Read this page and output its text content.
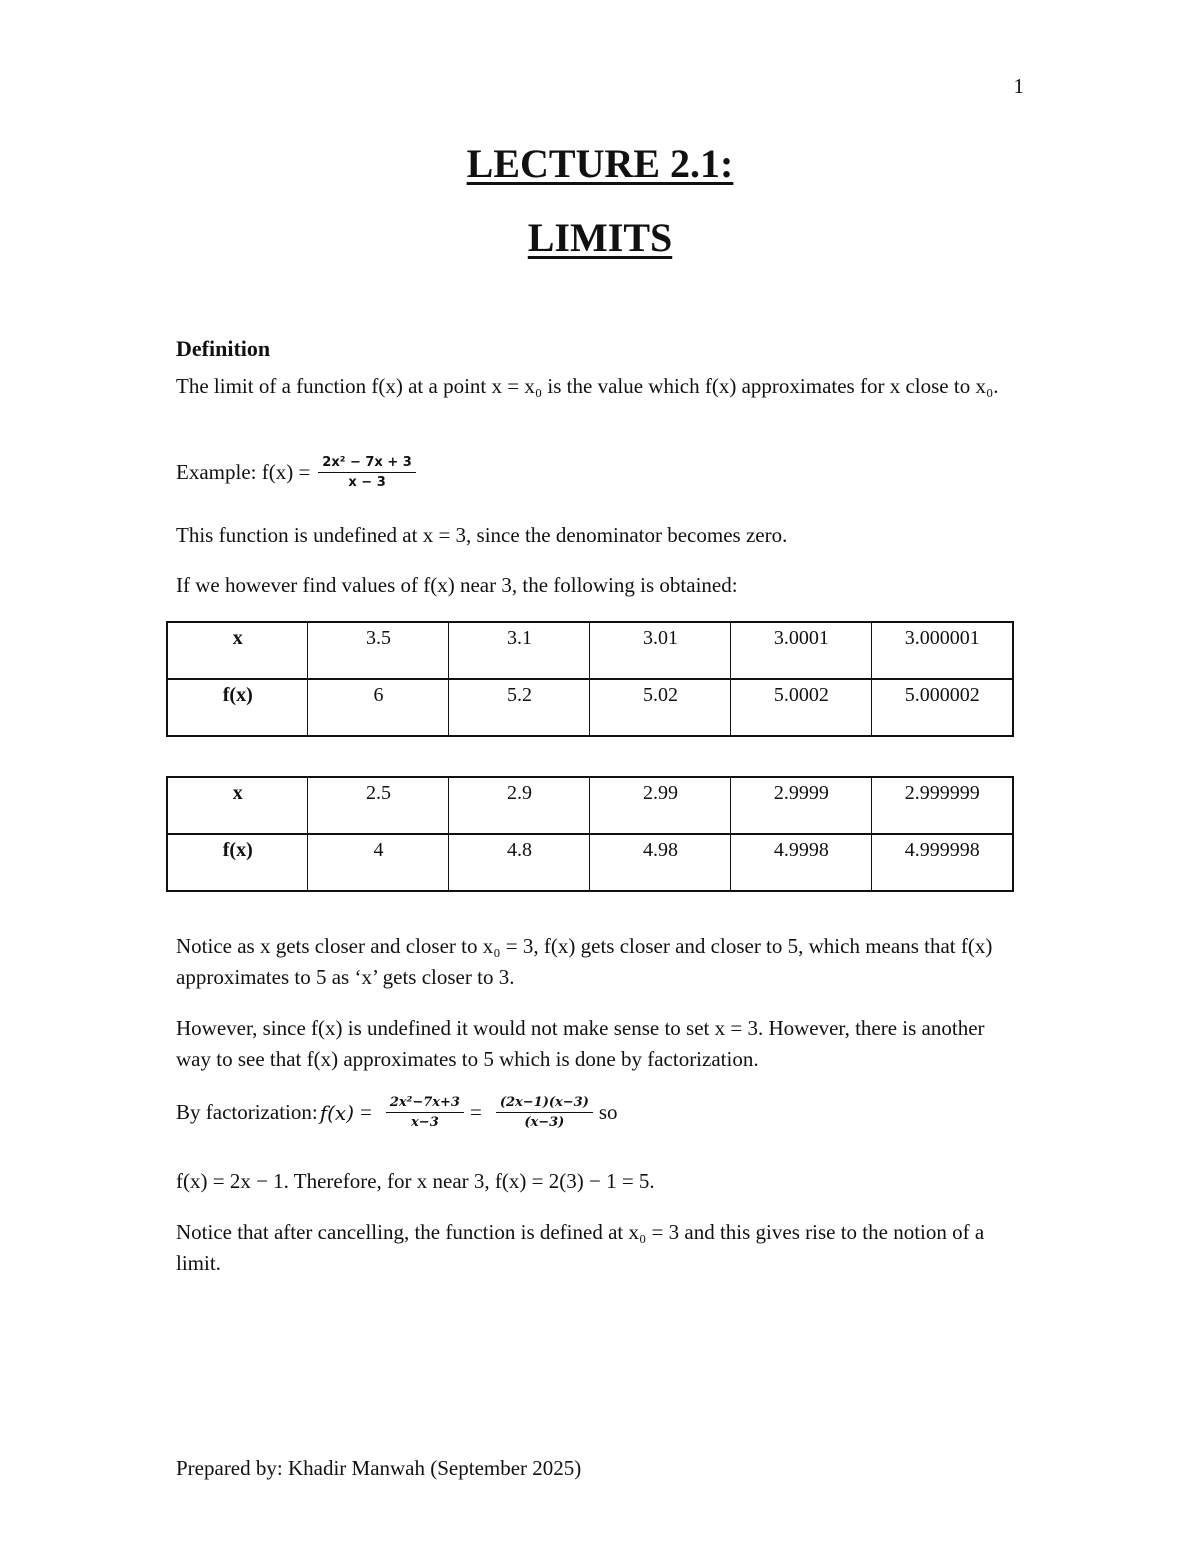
1
LECTURE 2.1:
LIMITS
Definition
The limit of a function f(x) at a point x = x₀ is the value which f(x) approximates for x close to x₀.
Example: $f(x) = \frac{\text{2x² − 7x + 3}}{x - 3}$
This function is undefined at x = 3, since the denominator becomes zero.
If we however find values of f(x) near 3, the following is obtained:
x	3.5	3.1	3.01	3.0001	3.000001
f(x)	6	5.2	5.02	5.0002	5.000002
x	2.5	2.9	2.99	2.9999	2.999999
f(x)	4	4.8	4.98	4.9998	4.999998
Notice as x gets closer and closer to x₀ = 3, f(x) gets closer and closer to 5, which means that f(x) approximates to 5 as ‘x’ gets closer to 3.
However, since f(x) is undefined it would not make sense to set x = 3. However, there is another way to see that f(x) approximates to 5 which is done by factorization.
By factorization: $f(x) = \frac{\text{2x²−7x+3}}{x-3} = \frac{(2x-1)(x-3)}{(x-3)}$ so
f(x) = 2x − 1. Therefore, for x near 3, f(x) = 2(3) − 1 = 5.
Notice that after cancelling, the function is defined at x₀ = 3 and this gives rise to the notion of a limit.
Prepared by: Khadir Manwah (September 2025)
